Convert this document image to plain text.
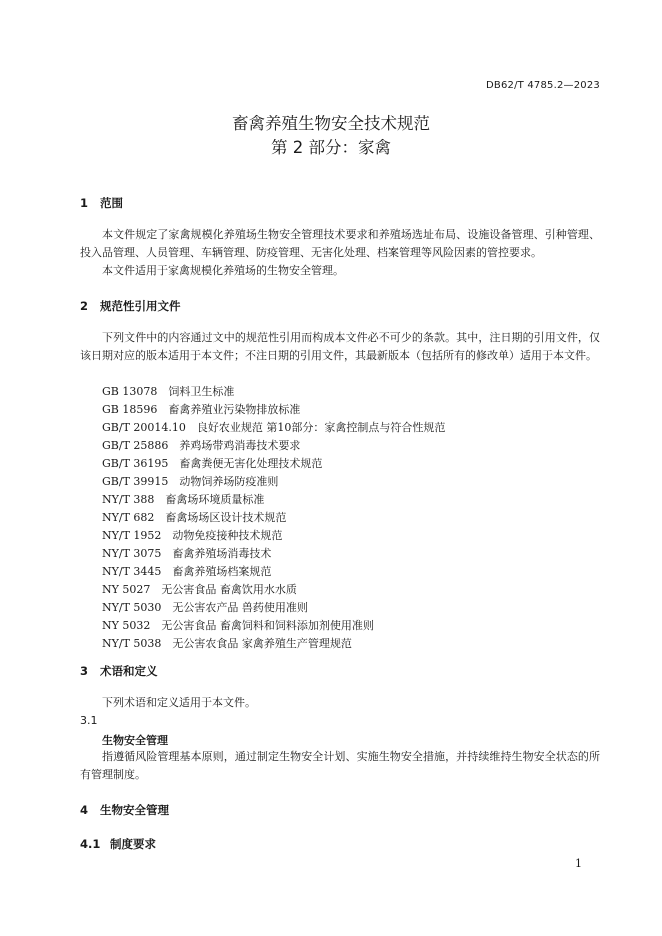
DB62/T 4785.2—2023
畜禽养殖生物安全技术规范
第 2 部分：家禽
1 范围
本文件规定了家禽规模化养殖场生物安全管理技术要求和养殖场选址布局、设施设备管理、引种管理、投入品管理、人员管理、车辆管理、防疫管理、无害化处理、档案管理等风险因素的管控要求。
本文件适用于家禽规模化养殖场的生物安全管理。
2 规范性引用文件
下列文件中的内容通过文中的规范性引用而构成本文件必不可少的条款。其中，注日期的引用文件，仅该日期对应的版本适用于本文件；不注日期的引用文件，其最新版本（包括所有的修改单）适用于本文件。
GB 13078　饲料卫生标准
GB 18596　畜禽养殖业污染物排放标准
GB/T 20014.10　良好农业规范 第10部分：家禽控制点与符合性规范
GB/T 25886　养鸡场带鸡消毒技术要求
GB/T 36195　畜禽粪便无害化处理技术规范
GB/T 39915　动物饲养场防疫准则
NY/T 388　畜禽场环境质量标准
NY/T 682　畜禽场场区设计技术规范
NY/T 1952　动物免疫接种技术规范
NY/T 3075　畜禽养殖场消毒技术
NY/T 3445　畜禽养殖场档案规范
NY 5027　无公害食品 畜禽饮用水水质
NY/T 5030　无公害农产品 兽药使用准则
NY 5032　无公害食品 畜禽饲料和饲料添加剂使用准则
NY/T 5038　无公害农食品 家禽养殖生产管理规范
3 术语和定义
下列术语和定义适用于本文件。
3.1
生物安全管理
指遵循风险管理基本原则，通过制定生物安全计划、实施生物安全措施，并持续维持生物安全状态的所有管理制度。
4 生物安全管理
4.1 制度要求
1
